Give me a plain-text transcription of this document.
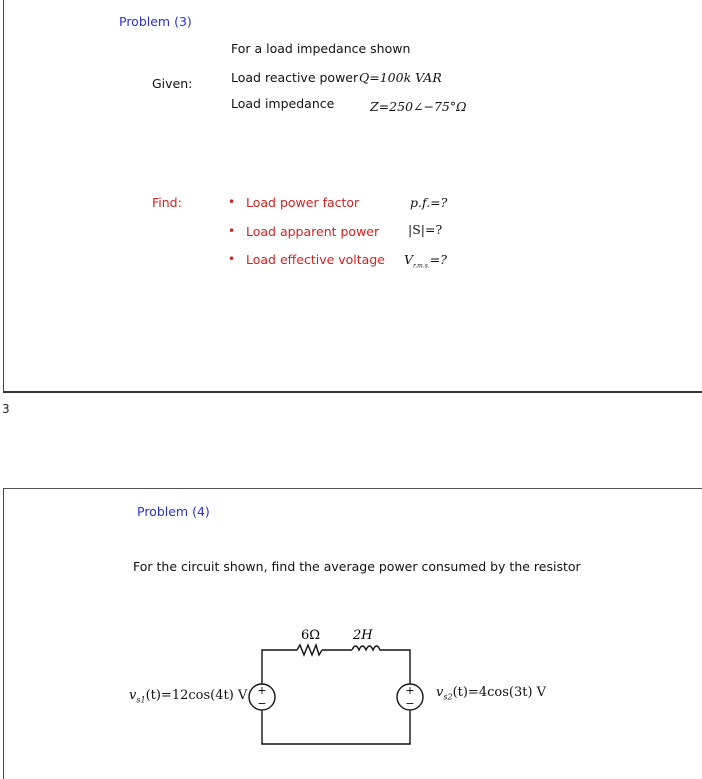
Problem (3)
For a load impedance shown
Given:	Load reactive power Q=100k VAR
Load impedance	Z=250∠−75°Ω
Find:	• Load power factor	p.f.=?
• Load apparent power |S|=?
• Load effective voltage $V_{r.m.s.}=$?
3
Problem (4)
For the circuit shown, find the average power consumed by the resistor
+
−
+
−
6Ω	2H
$v_{s1}(t)=12\cos(4t)$ V	$v_{s2}(t)=4\cos(3t)$ V
